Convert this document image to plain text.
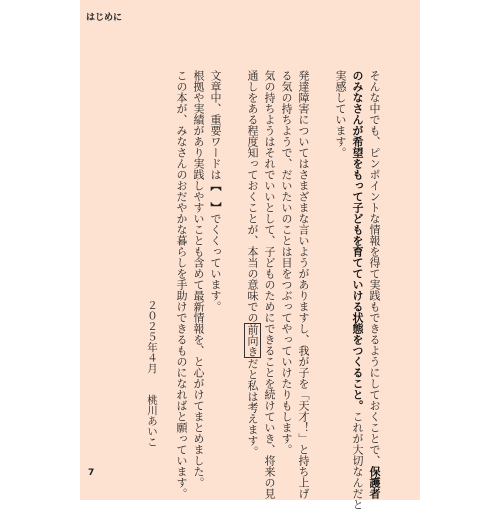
はじめに
そんな中でも、ピンポイントな情報を得て実践もできるようにしておくことで、保護者
のみなさんが希望をもって子どもを育てていける状態をつくること。これが大切なんだと
実感しています。
発達障害についてはさまざまな言いようがありますし、我が子を「天才！」と持ち上げ
る気の持ちようで、だいたいのことは目をつぶってやっていけたりもします。
気の持ちようはそれでいいとして、子どものためにできることを続けていき、将来の見
通しをある程度知っておくことが、本当の意味での前向きだと私は考えます。
文章中、重要ワードは【　】でくくっています。
根拠や実績があり実践しやすいことも含めて最新情報を、と心がけてまとめました。
この本が、みなさんのおだやかな暮らしを手助けできるものになればと願っています。
２０２５年４月　　桃川あいこ
7
